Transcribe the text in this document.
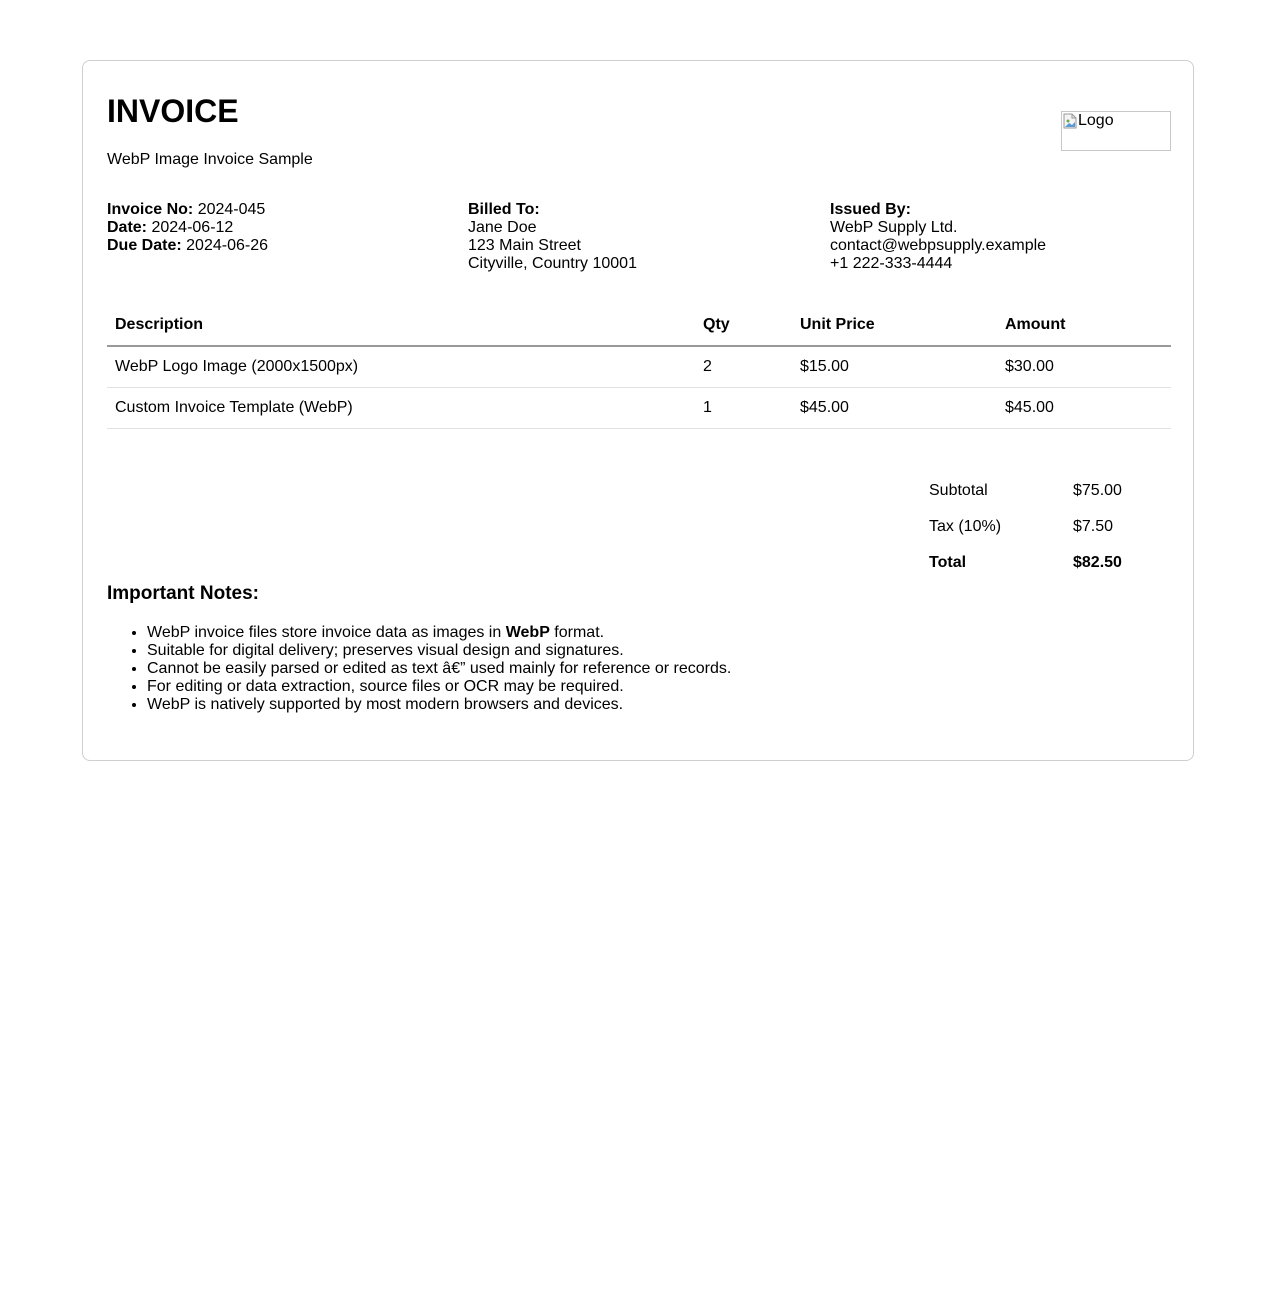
INVOICE
WebP Image Invoice Sample
Logo
Invoice No: 2024-045
Date: 2024-06-12
Due Date: 2024-06-26
Billed To:
Jane Doe
123 Main Street
Cityville, Country 10001
Issued By:
WebP Supply Ltd.
contact@webpsupply.example
+1 222-333-4444
Description	Qty	Unit Price	Amount
WebP Logo Image (2000x1500px)	2	$15.00	$30.00
Custom Invoice Template (WebP)	1	$45.00	$45.00
Subtotal	$75.00
Tax (10%)	$7.50
Total	$82.50
Important Notes:
• WebP invoice files store invoice data as images in WebP format.
• Suitable for digital delivery; preserves visual design and signatures.
• Cannot be easily parsed or edited as text â€” used mainly for reference or records.
• For editing or data extraction, source files or OCR may be required.
• WebP is natively supported by most modern browsers and devices.
